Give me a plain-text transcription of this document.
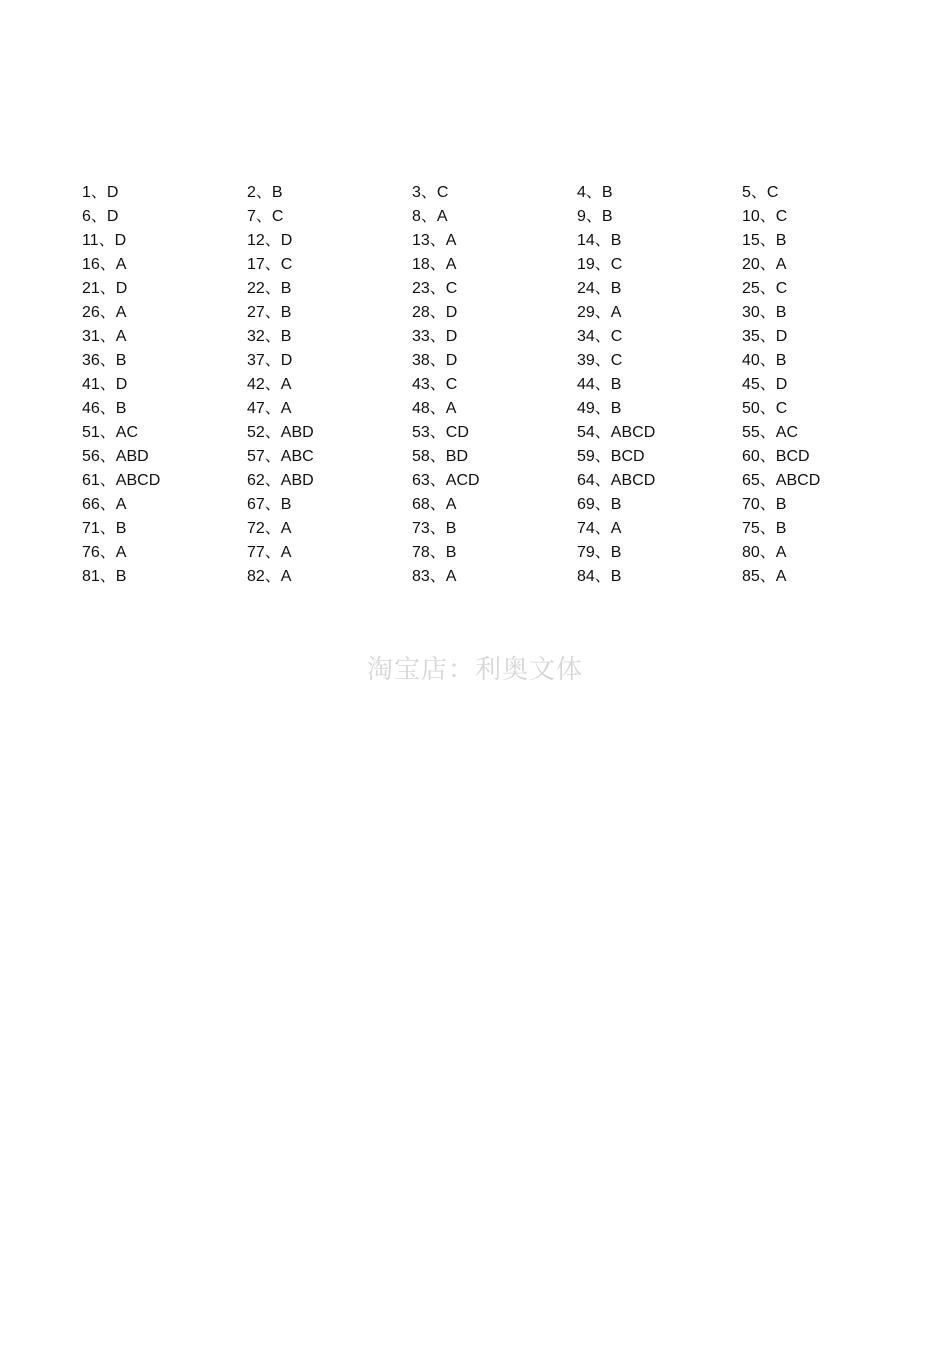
1、D	2、B	3、C	4、B	5、C
6、D	7、C	8、A	9、B	10、C
11、D	12、D	13、A	14、B	15、B
16、A	17、C	18、A	19、C	20、A
21、D	22、B	23、C	24、B	25、C
26、A	27、B	28、D	29、A	30、B
31、A	32、B	33、D	34、C	35、D
36、B	37、D	38、D	39、C	40、B
41、D	42、A	43、C	44、B	45、D
46、B	47、A	48、A	49、B	50、C
51、AC	52、ABD	53、CD	54、ABCD	55、AC
56、ABD	57、ABC	58、BD	59、BCD	60、BCD
61、ABCD	62、ABD	63、ACD	64、ABCD	65、ABCD
66、A	67、B	68、A	69、B	70、B
71、B	72、A	73、B	74、A	75、B
76、A	77、A	78、B	79、B	80、A
81、B	82、A	83、A	84、B	85、A
淘宝店：利奥文体
